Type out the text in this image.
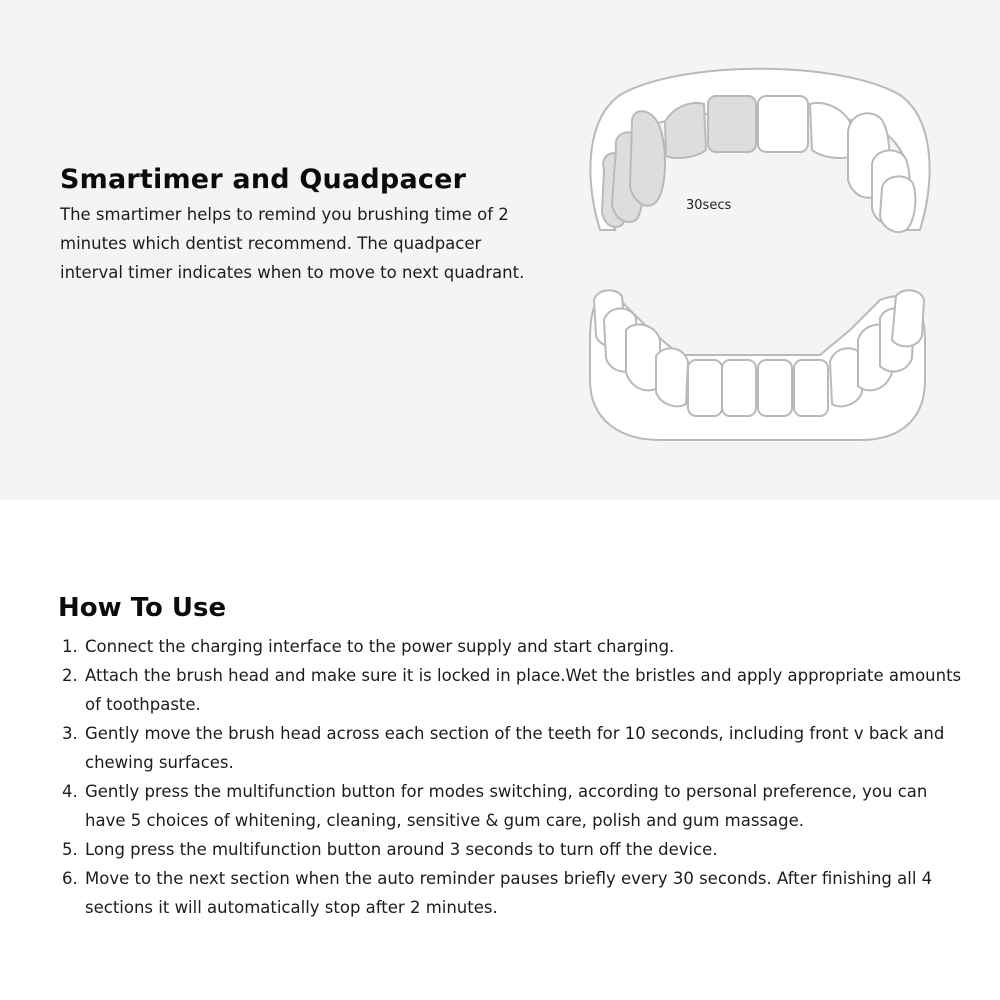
Smartimer and Quadpacer

The smartimer helps to remind you brushing time of 2 minutes which dentist recommend. The quadpacer interval timer indicates when to move to next quadrant.

30secs
How To Use
1. Connect the charging interface to the power supply and start charging.
2. Attach the brush head and make sure it is locked in place.Wet the bristles and apply appropriate amounts of toothpaste.
3. Gently move the brush head across each section of the teeth for 10 seconds, including front v back and chewing surfaces.
4. Gently press the multifunction button for modes switching, according to personal preference, you can have 5 choices of whitening, cleaning, sensitive & gum care, polish and gum massage.
5. Long press the multifunction button around 3 seconds to turn off the device.
6. Move to the next section when the auto reminder pauses briefly every 30 seconds. After finishing all 4 sections it will automatically stop after 2 minutes.
